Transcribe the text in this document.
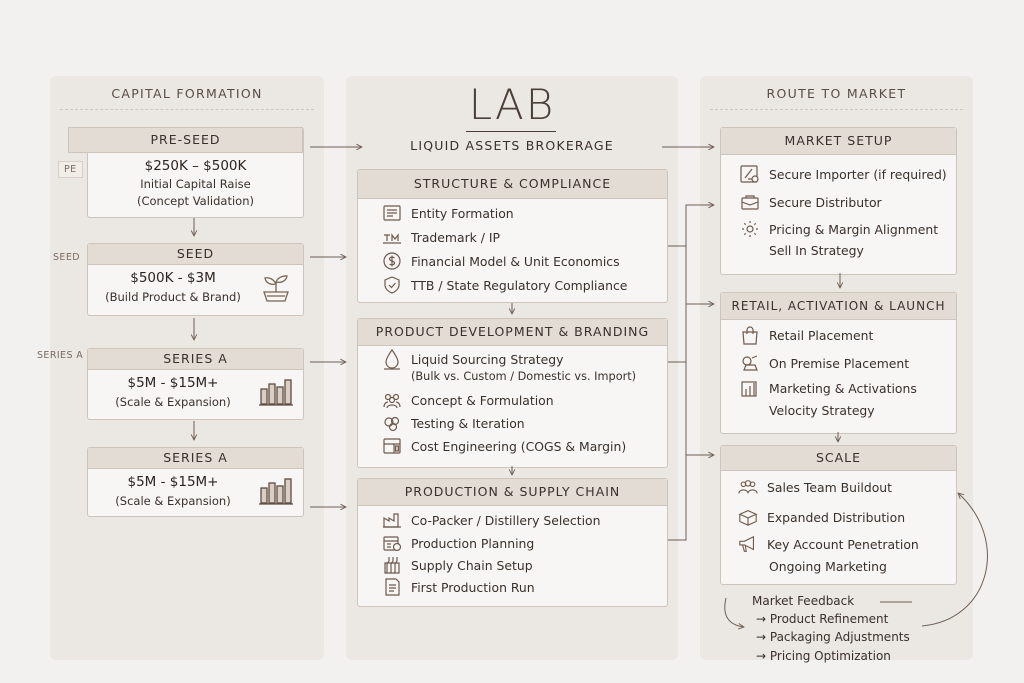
CAPITAL FORMATION
PRE-SEED
$250K – $500K
Initial Capital Raise
(Concept Validation)
PE
SEED
$500K - $3M
(Build Product & Brand)
SEED
SERIES A
$5M - $15M+
(Scale & Expansion)
SERIES A
SERIES A
$5M - $15M+
(Scale & Expansion)
LAB
LIQUID ASSETS BROKERAGE
STRUCTURE & COMPLIANCE
Entity Formation
Trademark / IP
Financial Model & Unit Economics
TTB / State Regulatory Compliance
PRODUCT DEVELOPMENT & BRANDING
Liquid Sourcing Strategy
(Bulk vs. Custom / Domestic vs. Import)
Concept & Formulation
Testing & Iteration
Cost Engineering (COGS & Margin)
PRODUCTION & SUPPLY CHAIN
Co-Packer / Distillery Selection
Production Planning
Supply Chain Setup
First Production Run
ROUTE TO MARKET
MARKET SETUP
Secure Importer (if required)
Secure Distributor
Pricing & Margin Alignment
Sell In Strategy
RETAIL, ACTIVATION & LAUNCH
Retail Placement
On Premise Placement
Marketing & Activations
Velocity Strategy
SCALE
Sales Team Buildout
Expanded Distribution
Key Account Penetration
Ongoing Marketing
Market Feedback
→ Product Refinement
→ Packaging Adjustments
→ Pricing Optimization
